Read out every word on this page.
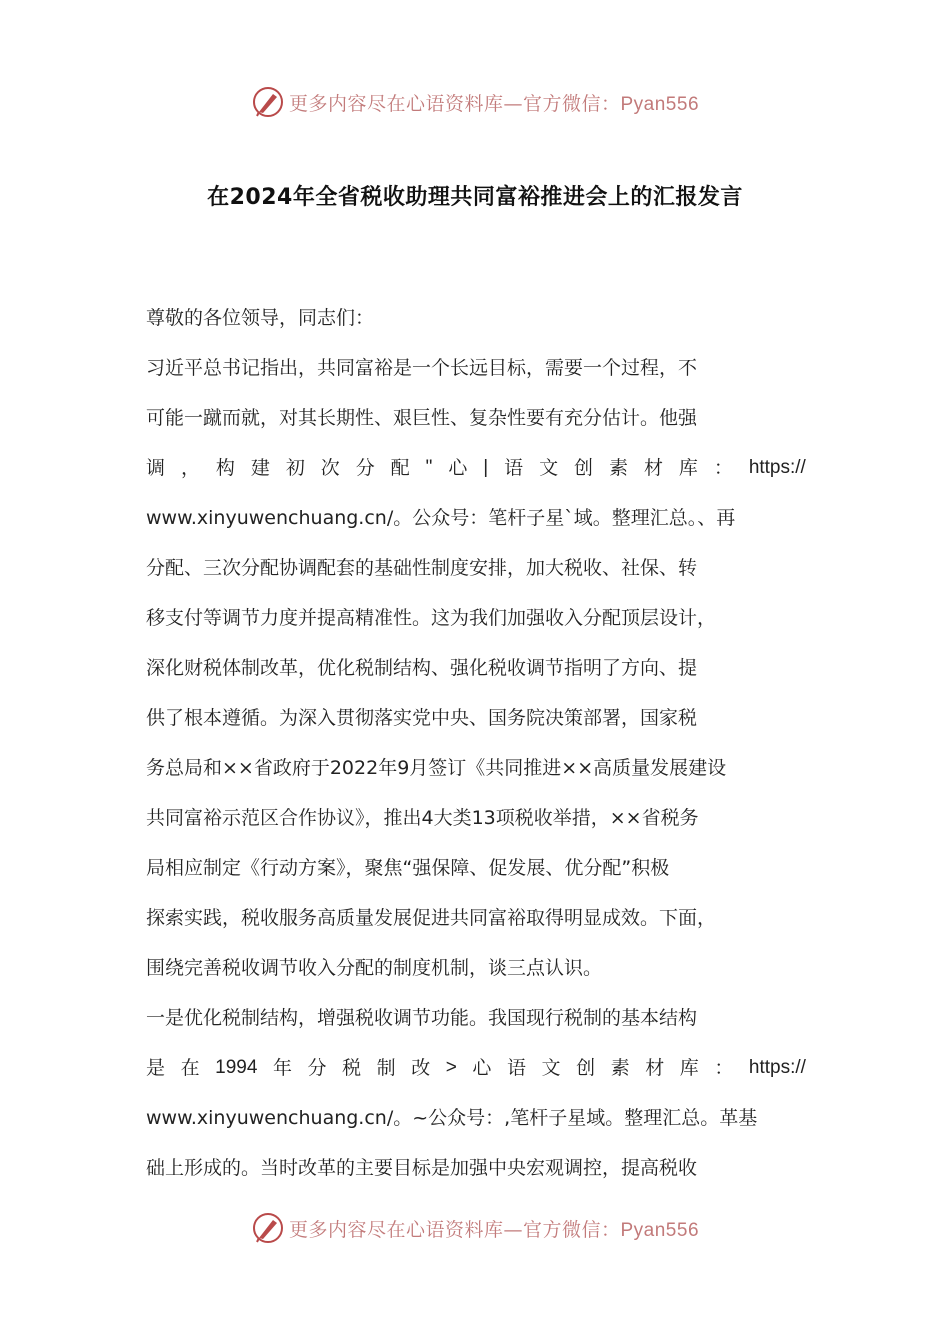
更多内容尽在心语资料库—官方微信：Pyan556
在2024年全省税收助理共同富裕推进会上的汇报发言
尊敬的各位领导，同志们：
习近平总书记指出，共同富裕是一个长远目标，需要一个过程，不
可能一蹴而就，对其长期性、艰巨性、复杂性要有充分估计。他强
调 ， 构 建 初 次 分 配 " 心 | 语 文 创 素 材 库 ： https://
www.xinyuwenchuang.cn/。公众号：笔杆子星`域。整理汇总。、再
分配、三次分配协调配套的基础性制度安排，加大税收、社保、转
移支付等调节力度并提高精准性。这为我们加强收入分配顶层设计，
深化财税体制改革，优化税制结构、强化税收调节指明了方向、提
供了根本遵循。为深入贯彻落实党中央、国务院决策部署，国家税
务总局和××省政府于2022年9月签订《共同推进××高质量发展建设
共同富裕示范区合作协议》，推出4大类13项税收举措，××省税务
局相应制定《行动方案》，聚焦“强保障、促发展、优分配”积极
探索实践，税收服务高质量发展促进共同富裕取得明显成效。下面，
围绕完善税收调节收入分配的制度机制，谈三点认识。
一是优化税制结构，增强税收调节功能。我国现行税制的基本结构
是 在 1994 年 分 税 制 改 > 心 语 文 创 素 材 库 ： https://
www.xinyuwenchuang.cn/。~公众号：,笔杆子星域。整理汇总。革基
础上形成的。当时改革的主要目标是加强中央宏观调控，提高税收
更多内容尽在心语资料库—官方微信：Pyan556
